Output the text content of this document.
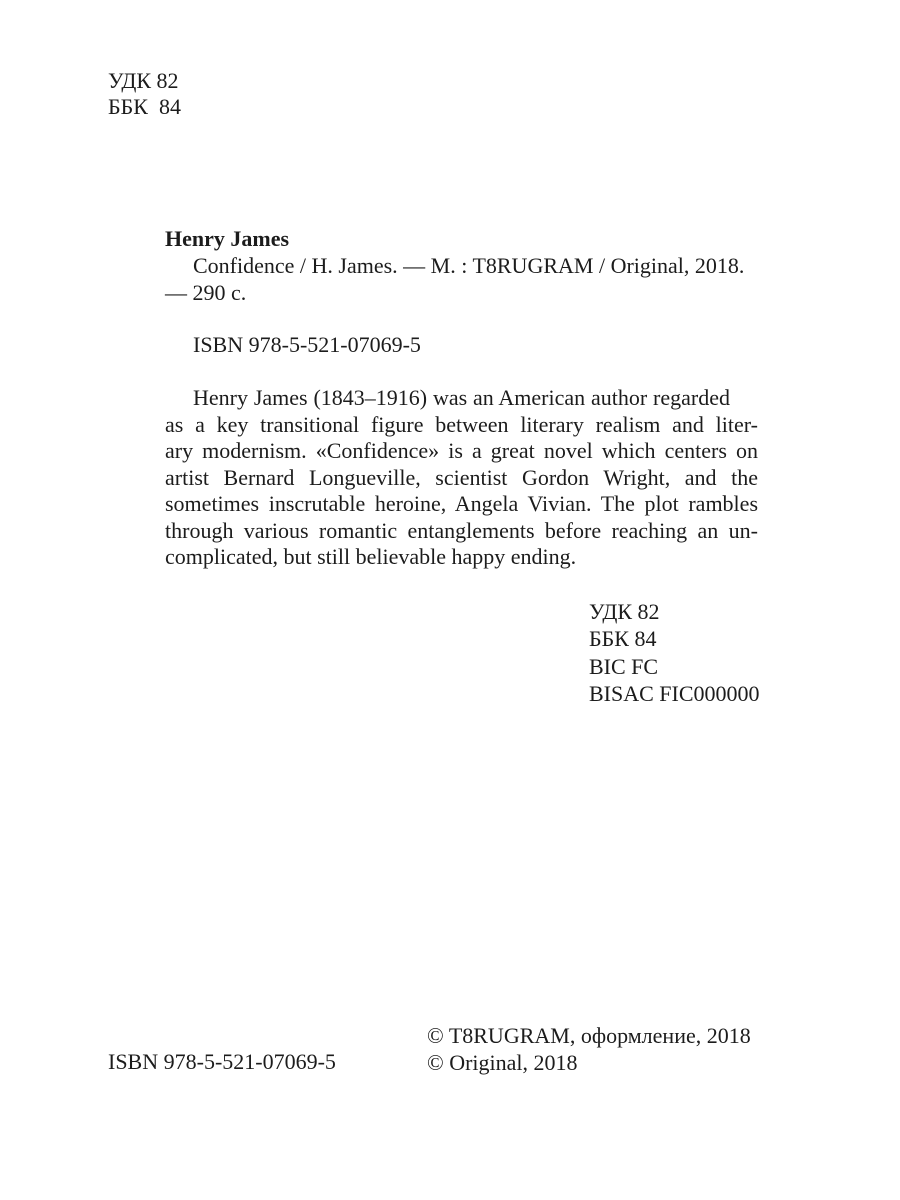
УДК 82
ББК  84
Henry James
Confidence / H. James. — M. : T8RUGRAM / Original, 2018.
— 290 с.
ISBN 978-5-521-07069-5
Henry James (1843–1916) was an American author regarded
as a key transitional figure between literary realism and liter-
ary modernism. «Confidence» is a great novel which centers on
artist Bernard Longueville, scientist Gordon Wright, and the
sometimes inscrutable heroine, Angela Vivian. The plot rambles
through various romantic entanglements before reaching an un-
complicated, but still believable happy ending.
УДК 82
ББК 84
BIC FC
BISAC FIC000000
© T8RUGRAM, оформление, 2018
© Original, 2018
ISBN 978-5-521-07069-5
